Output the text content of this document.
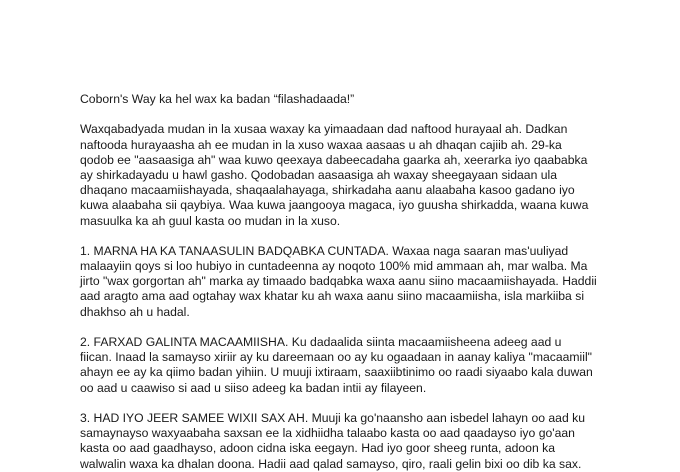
Coborn's Way ka hel wax ka badan “filashadaada!”
Waxqabadyada mudan in la xusaa waxay ka yimaadaan dad naftood hurayaal ah. Dadkan
naftooda hurayaasha ah ee mudan in la xuso waxaa aasaas u ah dhaqan cajiib ah. 29-ka
qodob ee "aasaasiga ah" waa kuwo qeexaya dabeecadaha gaarka ah, xeerarka iyo qaababka
ay shirkadayadu u hawl gasho. Qodobadan aasaasiga ah waxay sheegayaan sidaan ula
dhaqano macaamiishayada, shaqaalahayaga, shirkadaha aanu alaabaha kasoo gadano iyo
kuwa alaabaha sii qaybiya. Waa kuwa jaangooya magaca, iyo guusha shirkadda, waana kuwa
masuulka ka ah guul kasta oo mudan in la xuso.
1. MARNA HA KA TANAASULIN BADQABKA CUNTADA. Waxaa naga saaran mas'uuliyad
malaayiin qoys si loo hubiyo in cuntadeenna ay noqoto 100% mid ammaan ah, mar walba. Ma
jirto "wax gorgortan ah" marka ay timaado badqabka waxa aanu siino macaamiishayada. Haddii
aad aragto ama aad ogtahay wax khatar ku ah waxa aanu siino macaamiisha, isla markiiba si
dhakhso ah u hadal.
2. FARXAD GALINTA MACAAMIISHA. Ku dadaalida siinta macaamiisheena adeeg aad u
fiican. Inaad la samayso xiriir ay ku dareemaan oo ay ku ogaadaan in aanay kaliya "macaamiil"
ahayn ee ay ka qiimo badan yihiin. U muuji ixtiraam, saaxiibtinimo oo raadi siyaabo kala duwan
oo aad u caawiso si aad u siiso adeeg ka badan intii ay filayeen.
3. HAD IYO JEER SAMEE WIXII SAX AH. Muuji ka go'naansho aan isbedel lahayn oo aad ku
samaynayso waxyaabaha saxsan ee la xidhiidha talaabo kasta oo aad qaadayso iyo go'aan
kasta oo aad gaadhayso, adoon cidna iska eegayn. Had iyo goor sheeg runta, adoon ka
walwalin waxa ka dhalan doona. Hadii aad qalad samayso, qiro, raali gelin bixi oo dib ka sax.
